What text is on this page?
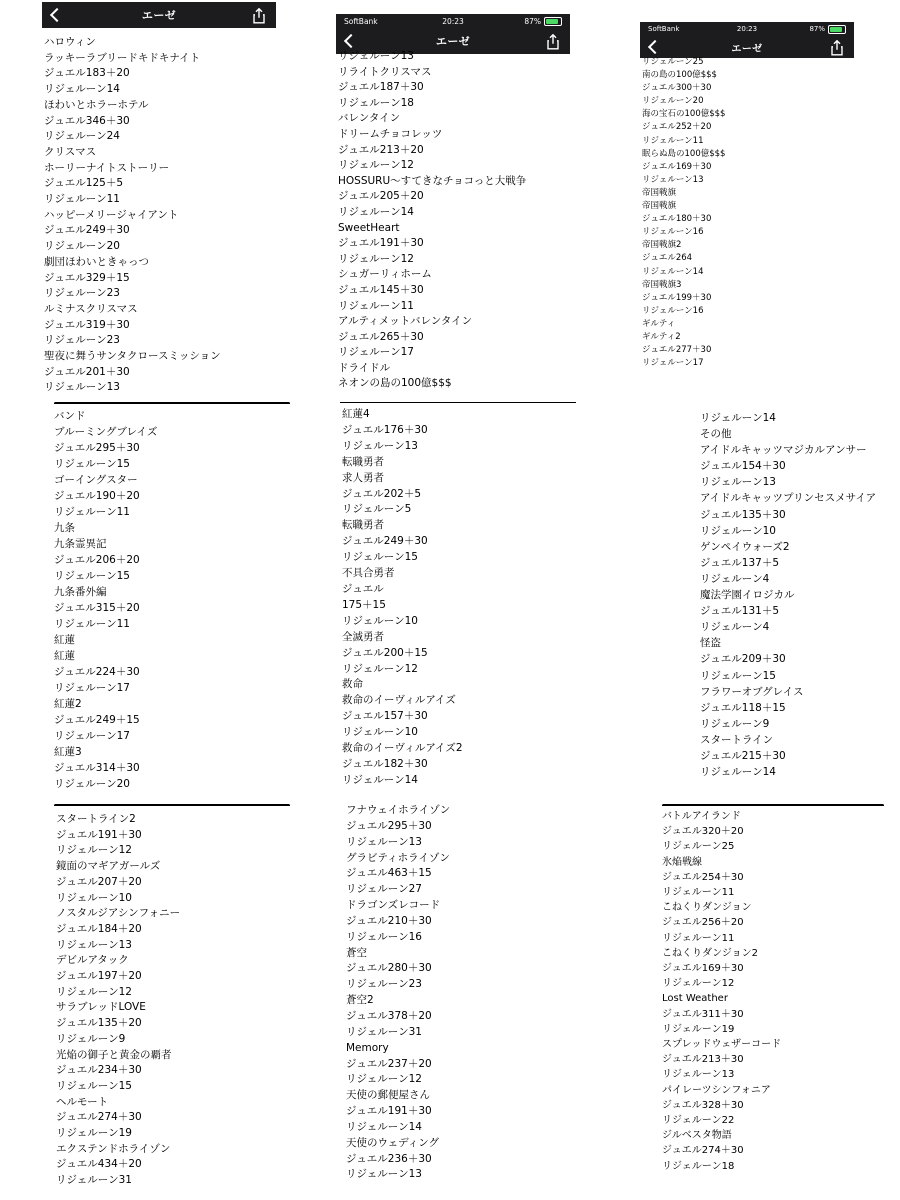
エーゼ
ハロウィン
ラッキーラブリードキドキナイト
ジュエル183＋20
リジェルーン14
ほわいとホラーホテル
ジュエル346＋30
リジェルーン24
クリスマス
ホーリーナイトストーリー
ジュエル125＋5
リジェルーン11
ハッピーメリージャイアント
ジュエル249＋30
リジェルーン20
劇団ほわいときゃっつ
ジュエル329＋15
リジェルーン23
ルミナスクリスマス
ジュエル319＋30
リジェルーン23
聖夜に舞うサンタクロースミッション
ジュエル201＋30
リジェルーン13
SoftBank	20:23	87%
エーゼ
リジェルーン13
リライトクリスマス
ジュエル187＋30
リジェルーン18
バレンタイン
ドリームチョコレッツ
ジュエル213＋20
リジェルーン12
HOSSURU〜すてきなチョコっと大戦争
ジュエル205＋20
リジェルーン14
SweetHeart
ジュエル191＋30
リジェルーン12
シュガーリィホーム
ジュエル145＋30
リジェルーン11
アルティメットバレンタイン
ジュエル265＋30
リジェルーン17
ドライドル
ネオンの島の100億$$$
SoftBank	20:23	87%
エーゼ
リジェルーン25
南の島の100億$$$
ジュエル300＋30
リジェルーン20
海の宝石の100億$$$
ジュエル252＋20
リジェルーン11
眠らぬ島の100億$$$
ジュエル169＋30
リジェルーン13
帝国戦旗
帝国戦旗
ジュエル180＋30
リジェルーン16
帝国戦旗2
ジュエル264
リジェルーン14
帝国戦旗3
ジュエル199＋30
リジェルーン16
ギルティ
ギルティ2
ジュエル277＋30
リジェルーン17
バンド
ブルーミングブレイズ
ジュエル295＋30
リジェルーン15
ゴーイングスター
ジュエル190＋20
リジェルーン11
九条
九条霊異記
ジュエル206＋20
リジェルーン15
九条番外編
ジュエル315＋20
リジェルーン11
紅蓮
紅蓮
ジュエル224＋30
リジェルーン17
紅蓮2
ジュエル249＋15
リジェルーン17
紅蓮3
ジュエル314＋30
リジェルーン20
紅蓮4
ジュエル176＋30
リジェルーン13
転職勇者
求人勇者
ジュエル202＋5
リジェルーン5
転職勇者
ジュエル249＋30
リジェルーン15
不具合勇者
ジュエル
175＋15
リジェルーン10
全滅勇者
ジュエル200＋15
リジェルーン12
救命
救命のイーヴィルアイズ
ジュエル157＋30
リジェルーン10
救命のイーヴィルアイズ2
ジュエル182＋30
リジェルーン14
リジェルーン14
その他
アイドルキャッツマジカルアンサー
ジュエル154＋30
リジェルーン13
アイドルキャッツプリンセスメサイア
ジュエル135＋30
リジェルーン10
ゲンペイウォーズ2
ジュエル137＋5
リジェルーン4
魔法学園イロジカル
ジュエル131＋5
リジェルーン4
怪盗
ジュエル209＋30
リジェルーン15
フラワーオブグレイス
ジュエル118＋15
リジェルーン9
スタートライン
ジュエル215＋30
リジェルーン14
スタートライン2
ジュエル191＋30
リジェルーン12
鏡面のマギアガールズ
ジュエル207＋20
リジェルーン10
ノスタルジアシンフォニー
ジュエル184＋20
リジェルーン13
デビルアタック
ジュエル197＋20
リジェルーン12
サラブレッドLOVE
ジュエル135＋20
リジェルーン9
光焔の御子と黄金の覇者
ジュエル234＋30
リジェルーン15
ヘルモート
ジュエル274＋30
リジェルーン19
エクステンドホライゾン
ジュエル434＋20
リジェルーン31
フナウェイホライゾン
ジュエル295＋30
リジェルーン13
グラビティホライゾン
ジュエル463＋15
リジェルーン27
ドラゴンズレコード
ジュエル210＋30
リジェルーン16
蒼空
ジュエル280＋30
リジェルーン23
蒼空2
ジュエル378＋20
リジェルーン31
Memory
ジュエル237＋20
リジェルーン12
天使の郵便屋さん
ジュエル191＋30
リジェルーン14
天使のウェディング
ジュエル236＋30
リジェルーン13
バトルアイランド
ジュエル320＋20
リジェルーン25
氷焔戦線
ジュエル254＋30
リジェルーン11
こねくりダンジョン
ジュエル256＋20
リジェルーン11
こねくりダンジョン2
ジュエル169＋30
リジェルーン12
Lost Weather
ジュエル311＋30
リジェルーン19
スプレッドウェザーコード
ジュエル213＋30
リジェルーン13
パイレーツシンフォニア
ジュエル328＋30
リジェルーン22
ジルベスタ物語
ジュエル274＋30
リジェルーン18
